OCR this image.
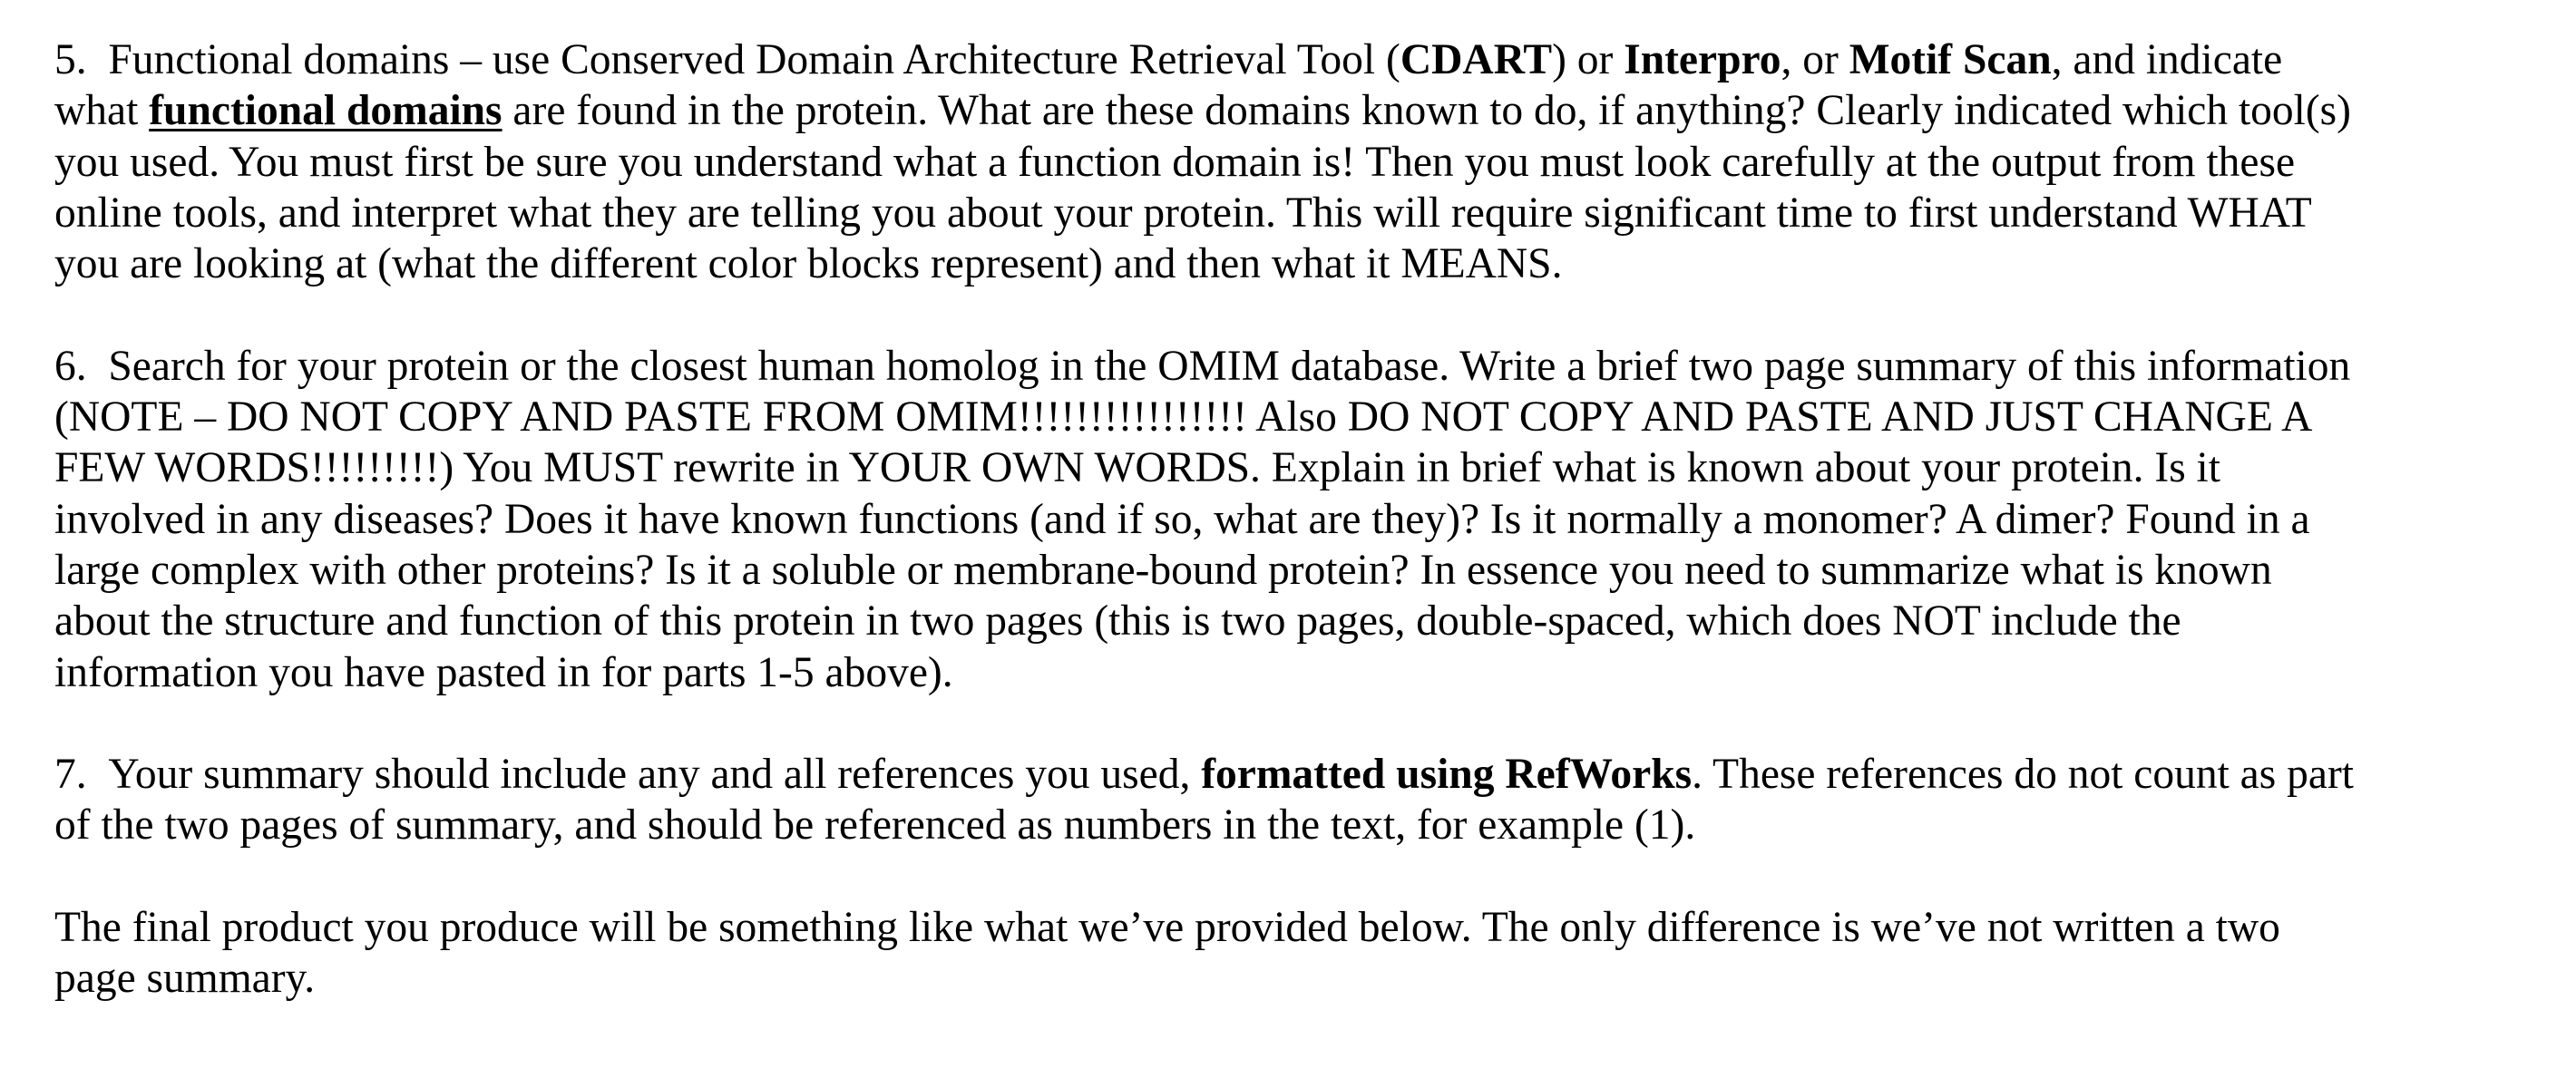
5. Functional domains – use Conserved Domain Architecture Retrieval Tool (CDART) or Interpro, or Motif Scan, and indicate
what functional domains are found in the protein. What are these domains known to do, if anything? Clearly indicated which tool(s)
you used. You must first be sure you understand what a function domain is! Then you must look carefully at the output from these
online tools, and interpret what they are telling you about your protein. This will require significant time to first understand WHAT
you are looking at (what the different color blocks represent) and then what it MEANS.
6. Search for your protein or the closest human homolog in the OMIM database. Write a brief two page summary of this information
(NOTE – DO NOT COPY AND PASTE FROM OMIM!!!!!!!!!!!!!!!! Also DO NOT COPY AND PASTE AND JUST CHANGE A
FEW WORDS!!!!!!!!!) You MUST rewrite in YOUR OWN WORDS. Explain in brief what is known about your protein. Is it
involved in any diseases? Does it have known functions (and if so, what are they)? Is it normally a monomer? A dimer? Found in a
large complex with other proteins? Is it a soluble or membrane-bound protein? In essence you need to summarize what is known
about the structure and function of this protein in two pages (this is two pages, double-spaced, which does NOT include the
information you have pasted in for parts 1-5 above).
7. Your summary should include any and all references you used, formatted using RefWorks. These references do not count as part
of the two pages of summary, and should be referenced as numbers in the text, for example (1).
The final product you produce will be something like what we’ve provided below. The only difference is we’ve not written a two
page summary.
